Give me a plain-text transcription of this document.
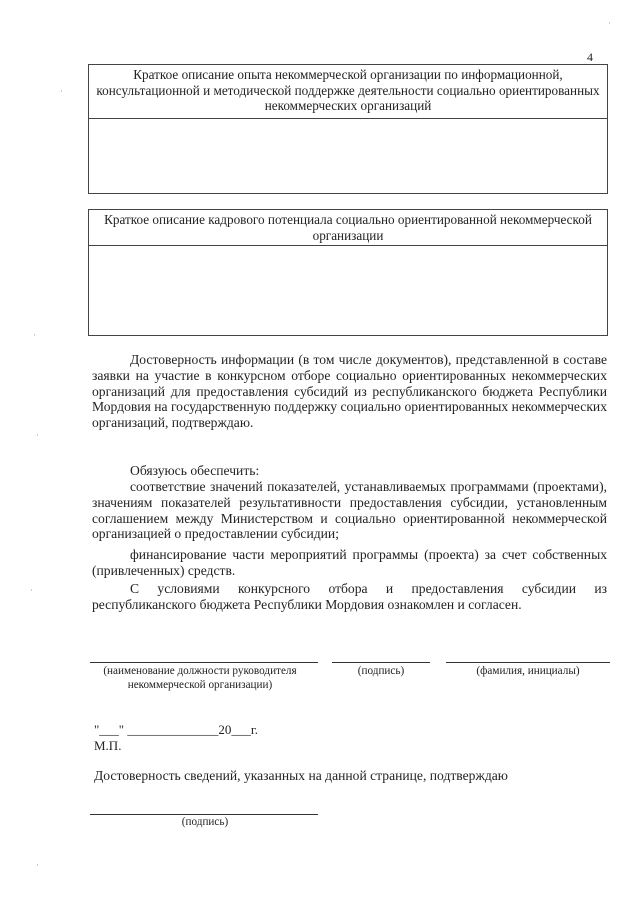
4
Краткое описание опыта некоммерческой организации по информационной, консультационной и методической поддержке деятельности социально ориентированных некоммерческих организаций
Краткое описание кадрового потенциала социально ориентированной некоммерческой организации
Достоверность информации (в том числе документов), представленной в составе заявки на участие в конкурсном отборе социально ориентированных некоммерческих организаций для предоставления субсидий из республиканского бюджета Республики Мордовия на государственную поддержку социально ориентированных некоммерческих организаций, подтверждаю.
Обязуюсь обеспечить:
соответствие значений показателей, устанавливаемых программами (проектами), значениям показателей результативности предоставления субсидии, установленным соглашением между Министерством и социально ориентированной некоммерческой организацией о предоставлении субсидии;
финансирование части мероприятий программы (проекта) за счет собственных (привлеченных) средств.
С условиями конкурсного отбора и предоставления субсидии из республиканского бюджета Республики Мордовия ознакомлен и согласен.
(наименование должности руководителя некоммерческой организации)
(подпись)	(фамилия, инициалы)
"___" ______________20___г.
М.П.
Достоверность сведений, указанных на данной странице, подтверждаю
(подпись)
·
·
·
·
·
·
